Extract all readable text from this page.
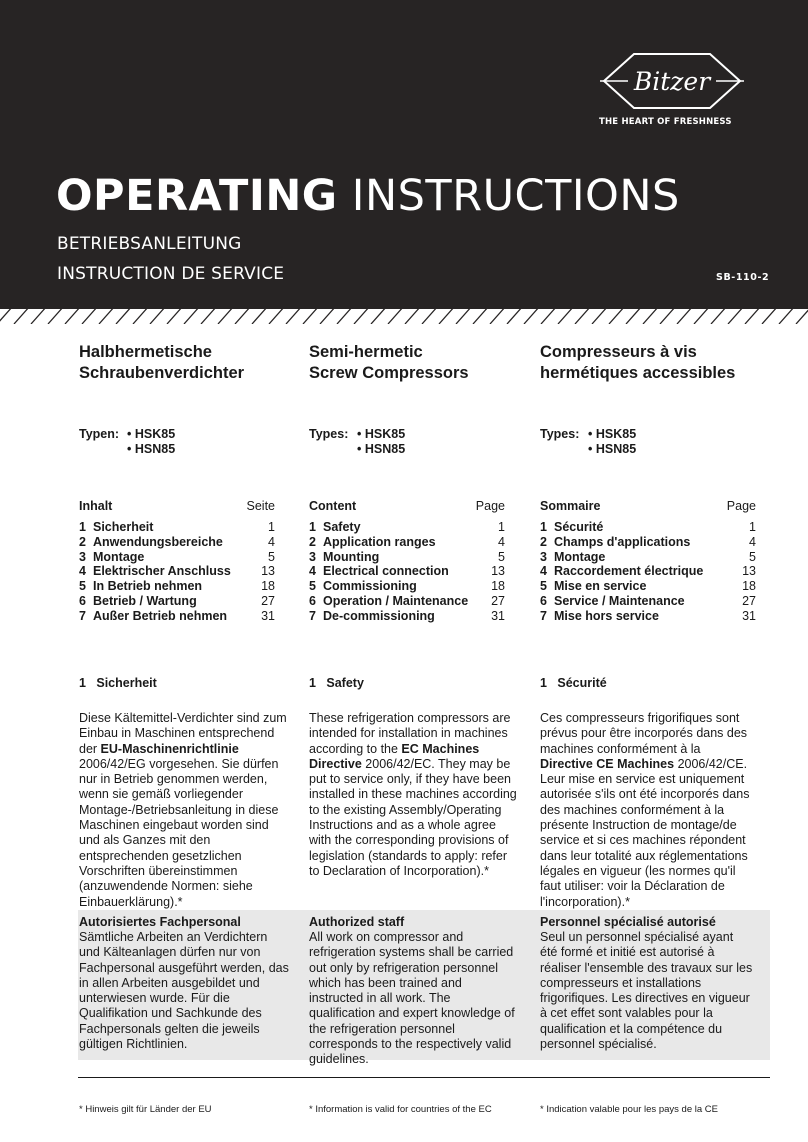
Bitzer
THE HEART OF FRESHNESS
OPERATING INSTRUCTIONS
BETRIEBSANLEITUNG
INSTRUCTION DE SERVICE	SB-110-2
Halbhermetische
Schraubenverdichter
Typen: • HSK85
• HSN85
Inhalt	Seite
1 Sicherheit	1
2 Anwendungsbereiche	4
3 Montage	5
4 Elektrischer Anschluss 13
5 In Betrieb nehmen	18
6 Betrieb / Wartung	27
7 Außer Betrieb nehmen	31
1 Sicherheit
Diese Kältemittel-Verdichter sind zum Einbau in Maschinen entsprechend der EU-Maschinenrichtlinie 2006/42/EG vorgesehen. Sie dürfen nur in Betrieb genommen werden, wenn sie gemäß vorliegender Montage-/Betriebsanleitung in diese Maschinen eingebaut worden sind und als Ganzes mit den entsprechenden gesetzlichen Vorschriften übereinstimmen (anzuwendende Normen: siehe Einbauerklärung).*
Semi-hermetic
Screw Compressors
Types: • HSK85
• HSN85
Content	Page
1 Safety	1
2 Application ranges	4
3 Mounting	5
4 Electrical connection	13
5 Commissioning	18
6 Operation / Maintenance 27
7 De-commissioning	31
1 Safety
These refrigeration compressors are intended for installation in machines according to the EC Machines Directive 2006/42/EC. They may be put to service only, if they have been installed in these machines according to the existing Assembly/Operating Instructions and as a whole agree with the corresponding provisions of legislation (standards to apply: refer to Declaration of Incorporation).*
Compresseurs à vis
hermétiques accessibles
Types: • HSK85
• HSN85
Sommaire	Page
1 Sécurité	1
2 Champs d'applications	4
3 Montage	5
4 Raccordement électrique	13
5 Mise en service	18
6 Service / Maintenance	27
7 Mise hors service	31
1 Sécurité
Ces compresseurs frigorifiques sont prévus pour être incorporés dans des machines conformément à la Directive CE Machines 2006/42/CE. Leur mise en service est uniquement autorisée s'ils ont été incorporés dans des machines conformément à la présente Instruction de montage/de service et si ces machines répondent dans leur totalité aux réglementations légales en vigueur (les normes qu'il faut utiliser: voir la Déclaration de l'incorporation).*
Autorisiertes Fachpersonal
Sämtliche Arbeiten an Verdichtern und Kälteanlagen dürfen nur von Fachpersonal ausgeführt werden, das in allen Arbeiten ausgebildet und unterwiesen wurde. Für die Qualifikation und Sachkunde des Fachpersonals gelten die jeweils gültigen Richtlinien.
Authorized staff
All work on compressor and refrigeration systems shall be carried out only by refrigeration personnel which has been trained and instructed in all work. The qualification and expert knowledge of the refrigeration personnel corresponds to the respectively valid guidelines.
Personnel spécialisé autorisé
Seul un personnel spécialisé ayant été formé et initié est autorisé à réaliser l'ensemble des travaux sur les compresseurs et installations frigorifiques. Les directives en vigueur à cet effet sont valables pour la qualification et la compétence du personnel spécialisé.
* Hinweis gilt für Länder der EU	* Information is valid for countries of the EC	* Indication valable pour les pays de la CE
